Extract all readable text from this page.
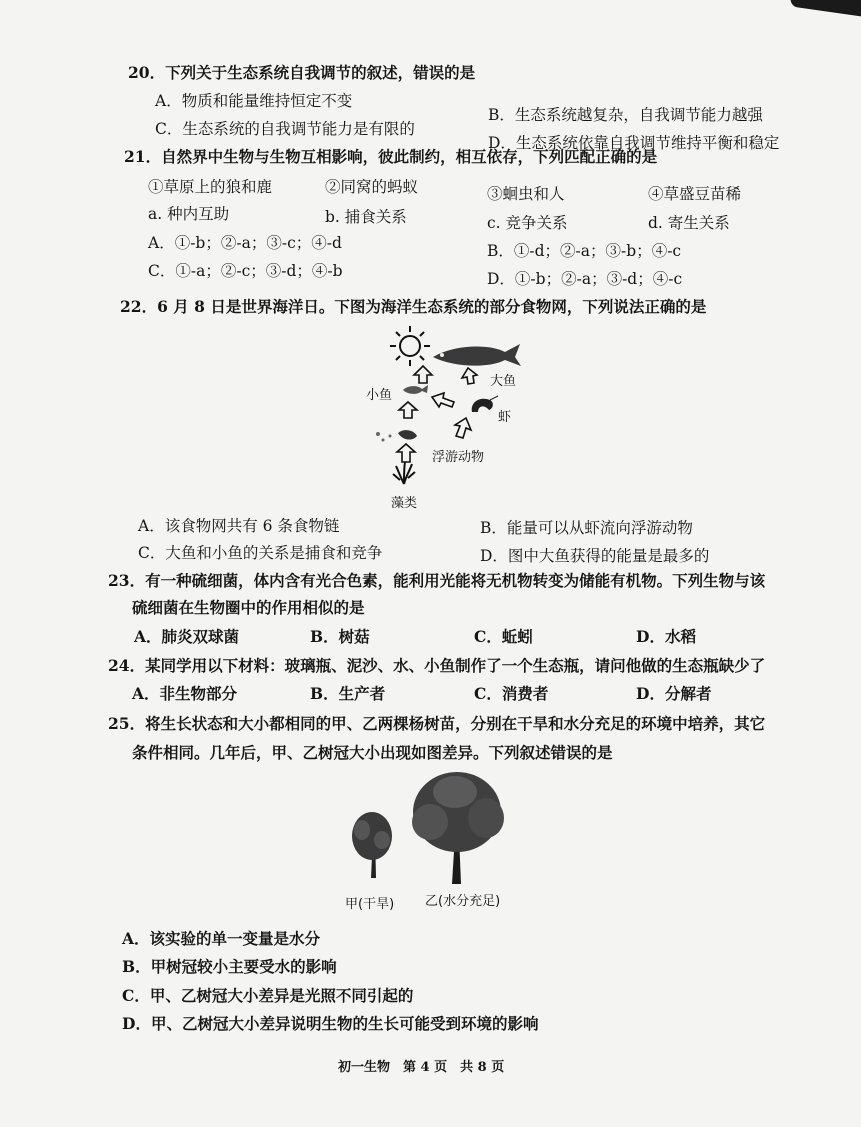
20．下列关于生态系统自我调节的叙述，错误的是
A．物质和能量维持恒定不变
B．生态系统越复杂，自我调节能力越强
C．生态系统的自我调节能力是有限的
D．生态系统依靠自我调节维持平衡和稳定
21．自然界中生物与生物互相影响，彼此制约，相互依存，下列匹配正确的是
①草原上的狼和鹿	②同窝的蚂蚁	③蛔虫和人	④草盛豆苗稀
a. 种内互助	b. 捕食关系	c. 竞争关系	d. 寄生关系
A．①-b；②-a；③-c；④-d	B．①-d；②-a；③-b；④-c
C．①-a；②-c；③-d；④-b	D．①-b；②-a；③-d；④-c
22．6 月 8 日是世界海洋日。下图为海洋生态系统的部分食物网，下列说法正确的是
大鱼
小鱼
虾
浮游动物
藻类
A．该食物网共有 6 条食物链	B．能量可以从虾流向浮游动物
C．大鱼和小鱼的关系是捕食和竞争	D．图中大鱼获得的能量是最多的
23．有一种硫细菌，体内含有光合色素，能利用光能将无机物转变为储能有机物。下列生物与该
硫细菌在生物圈中的作用相似的是
A．肺炎双球菌	B．树菇	C．蚯蚓	D．水稻
24．某同学用以下材料：玻璃瓶、泥沙、水、小鱼制作了一个生态瓶，请问他做的生态瓶缺少了
A．非生物部分	B．生产者	C．消费者	D．分解者
25．将生长状态和大小都相同的甲、乙两棵杨树苗，分别在干旱和水分充足的环境中培养，其它
条件相同。几年后，甲、乙树冠大小出现如图差异。下列叙述错误的是
甲(干旱) 乙(水分充足)
A．该实验的单一变量是水分
B．甲树冠较小主要受水的影响
C．甲、乙树冠大小差异是光照不同引起的
D．甲、乙树冠大小差异说明生物的生长可能受到环境的影响
初一生物　第 4 页　共 8 页
